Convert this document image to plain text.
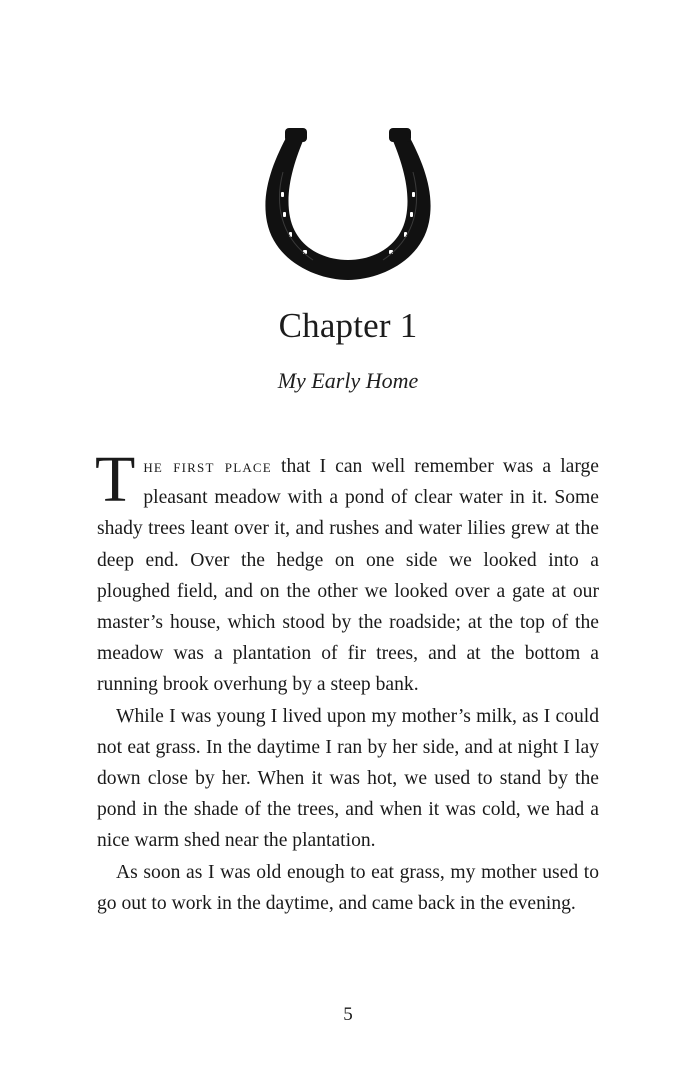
Chapter 1
My Early Home

The first place that I can well remember was a large pleasant meadow with a pond of clear water in it. Some shady trees leant over it, and rushes and water lilies grew at the deep end. Over the hedge on one side we looked into a ploughed field, and on the other we looked over a gate at our master’s house, which stood by the roadside; at the top of the meadow was a plantation of fir trees, and at the bottom a running brook overhung by a steep bank.

While I was young I lived upon my mother’s milk, as I could not eat grass. In the daytime I ran by her side, and at night I lay down close by her. When it was hot, we used to stand by the pond in the shade of the trees, and when it was cold, we had a nice warm shed near the plantation.

As soon as I was old enough to eat grass, my mother used to go out to work in the daytime, and came back in the evening.

5
